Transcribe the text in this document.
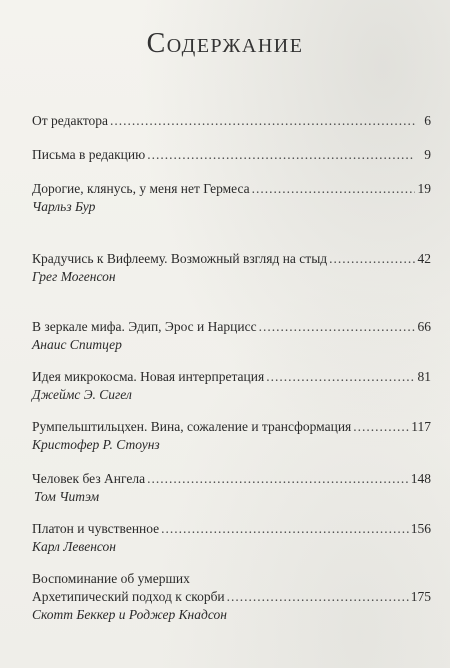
Содержание
От редактора .....	6
Письма в редакцию .....	9
Дорогие, клянусь, у меня нет Гермеса .....	19
Чарльз Бур
Крадучись к Вифлеему. Возможный взгляд на стыд .....	42
Грег Могенсон
В зеркале мифа. Эдип, Эрос и Нарцисс .....	66
Анаис Спитцер
Идея микрокосма. Новая интерпретация .....	81
Джеймс Э. Сигел
Румпельштильцхен. Вина, сожаление и трансформация .....	117
Кристофер Р. Стоунз
Человек без Ангела .....	148
Том Читэм
Платон и чувственное .....	156
Карл Левенсон
Воспоминание об умерших
Архетипический подход к скорби .....	175
Скотт Беккер и Роджер Кнадсон
